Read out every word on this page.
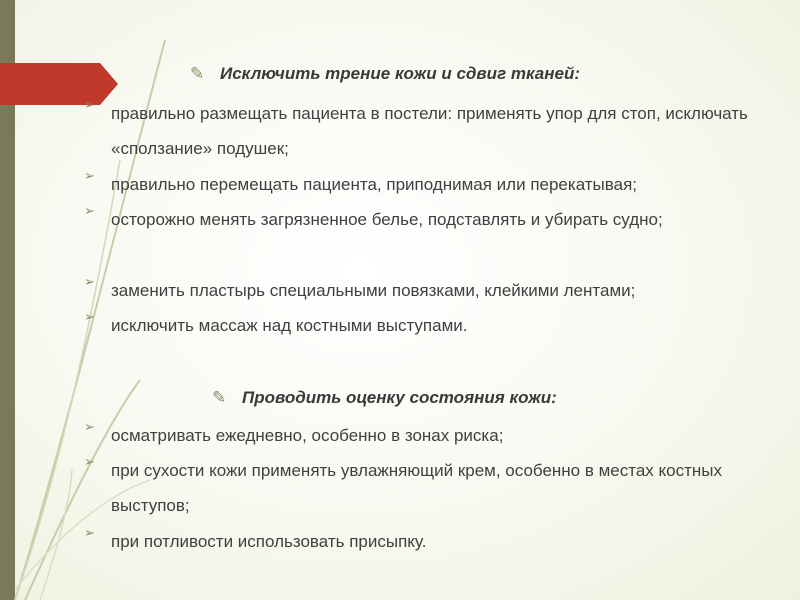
✎ Исключить трение кожи и сдвиг тканей:
➢ правильно размещать пациента в постели: применять упор для стоп, исключать «сползание» подушек;
➢ правильно перемещать пациента, приподнимая или перекатывая;
➢ осторожно менять загрязненное белье, подставлять и убирать судно;
➢ заменить пластырь специальными повязками, клейкими лентами;
➢ исключить массаж над костными выступами.
✎ Проводить оценку состояния кожи:
➢ осматривать ежедневно, особенно в зонах риска;
➢ при сухости кожи применять увлажняющий крем, особенно в местах костных выступов;
➢ при потливости использовать присыпку.
